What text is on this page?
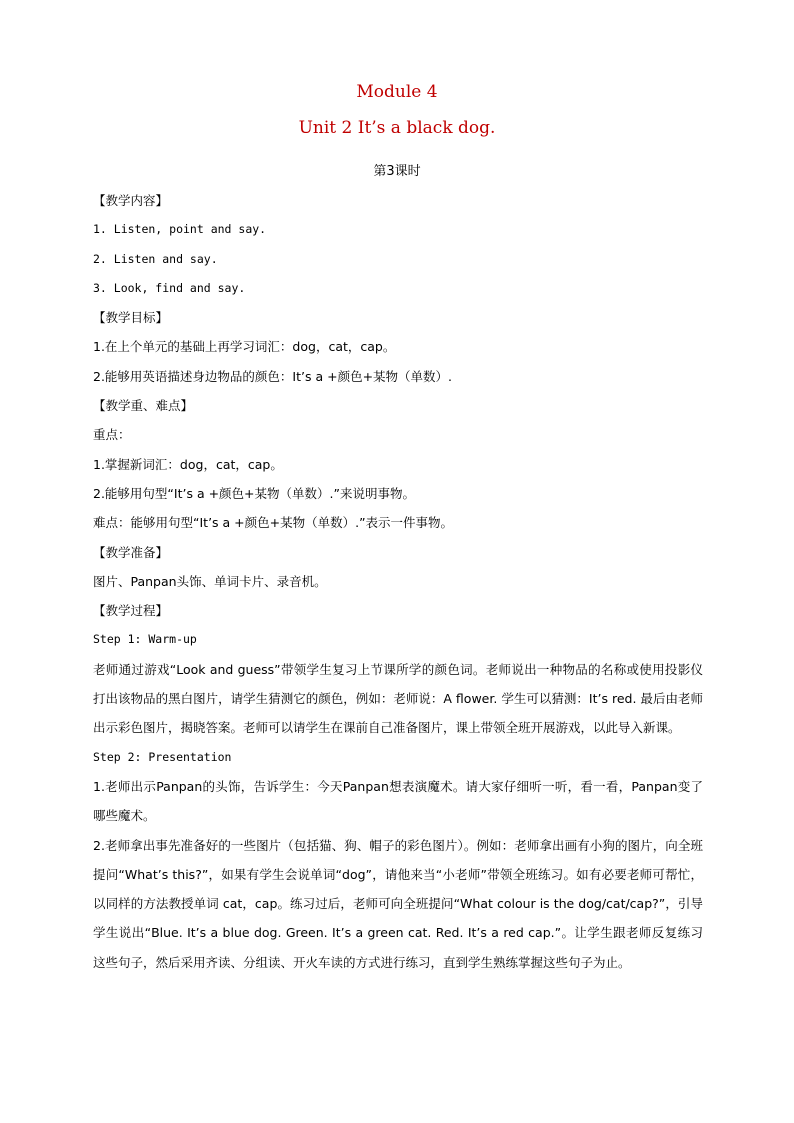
Module 4
Unit 2 It’s a black dog.
第3课时
【教学内容】
1. Listen, point and say.
2. Listen and say.
3. Look, find and say.
【教学目标】
1.在上个单元的基础上再学习词汇：dog，cat，cap。
2.能够用英语描述身边物品的颜色：It’s a +颜色+某物（单数）.
【教学重、难点】
重点：
1.掌握新词汇：dog，cat，cap。
2.能够用句型“It’s a +颜色+某物（单数）.”来说明事物。
难点：能够用句型“It’s a +颜色+某物（单数）.”表示一件事物。
【教学准备】
图片、Panpan头饰、单词卡片、录音机。
【教学过程】
Step 1: Warm-up
老师通过游戏“Look and guess”带领学生复习上节课所学的颜色词。老师说出一种物品的名称或使用投影仪打出该物品的黑白图片，请学生猜测它的颜色，例如：老师说：A flower. 学生可以猜测：It’s red. 最后由老师出示彩色图片，揭晓答案。老师可以请学生在课前自己准备图片，课上带领全班开展游戏，以此导入新课。
Step 2: Presentation
1.老师出示Panpan的头饰，告诉学生：今天Panpan想表演魔术。请大家仔细听一听，看一看，Panpan变了哪些魔术。
2.老师拿出事先准备好的一些图片（包括猫、狗、帽子的彩色图片）。例如：老师拿出画有小狗的图片，向全班提问“What’s this?”，如果有学生会说单词“dog”，请他来当“小老师”带领全班练习。如有必要老师可帮忙，以同样的方法教授单词 cat，cap。练习过后，老师可向全班提问“What colour is the dog/cat/cap?”，引导学生说出“Blue. It’s a blue dog. Green. It’s a green cat. Red. It’s a red cap.”。让学生跟老师反复练习这些句子，然后采用齐读、分组读、开火车读的方式进行练习，直到学生熟练掌握这些句子为止。
